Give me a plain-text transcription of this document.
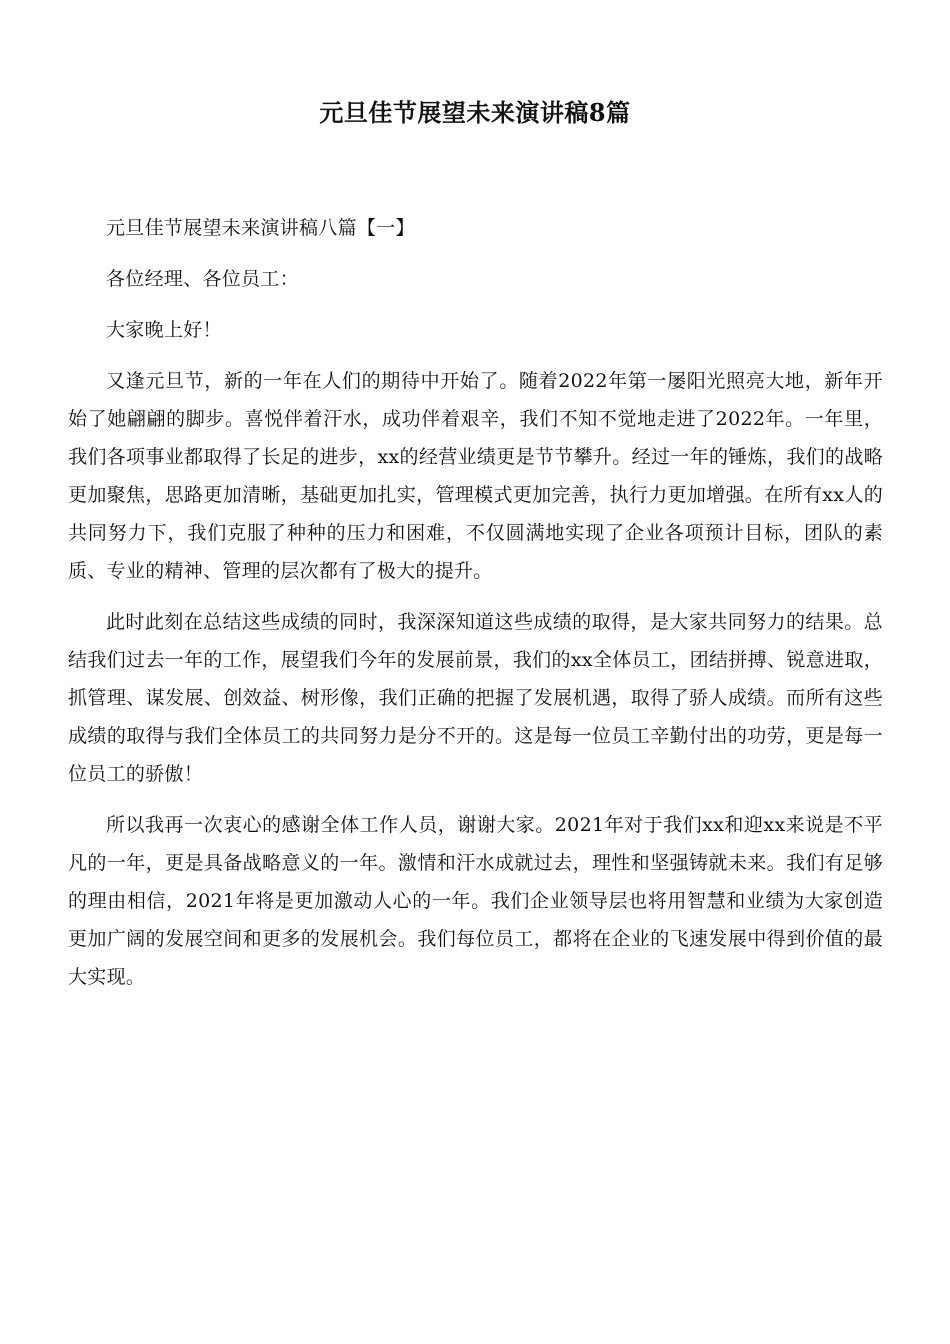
元旦佳节展望未来演讲稿8篇

元旦佳节展望未来演讲稿八篇【一】

各位经理、各位员工：

大家晚上好！

又逢元旦节，新的一年在人们的期待中开始了。随着2022年第一屡阳光照亮大地，新年开始了她翩翩的脚步。喜悦伴着汗水，成功伴着艰辛，我们不知不觉地走进了2022年。一年里，我们各项事业都取得了长足的进步，xx的经营业绩更是节节攀升。经过一年的锤炼，我们的战略更加聚焦，思路更加清晰，基础更加扎实，管理模式更加完善，执行力更加增强。在所有xx人的共同努力下，我们克服了种种的压力和困难，不仅圆满地实现了企业各项预计目标，团队的素质、专业的精神、管理的层次都有了极大的提升。

此时此刻在总结这些成绩的同时，我深深知道这些成绩的取得，是大家共同努力的结果。总结我们过去一年的工作，展望我们今年的发展前景，我们的xx全体员工，团结拼搏、锐意进取，抓管理、谋发展、创效益、树形像，我们正确的把握了发展机遇，取得了骄人成绩。而所有这些成绩的取得与我们全体员工的共同努力是分不开的。这是每一位员工辛勤付出的功劳，更是每一位员工的骄傲！

所以我再一次衷心的感谢全体工作人员，谢谢大家。2021年对于我们xx和迎xx来说是不平凡的一年，更是具备战略意义的一年。激情和汗水成就过去，理性和坚强铸就未来。我们有足够的理由相信，2021年将是更加激动人心的一年。我们企业领导层也将用智慧和业绩为大家创造更加广阔的发展空间和更多的发展机会。我们每位员工，都将在企业的飞速发展中得到价值的最大实现。
